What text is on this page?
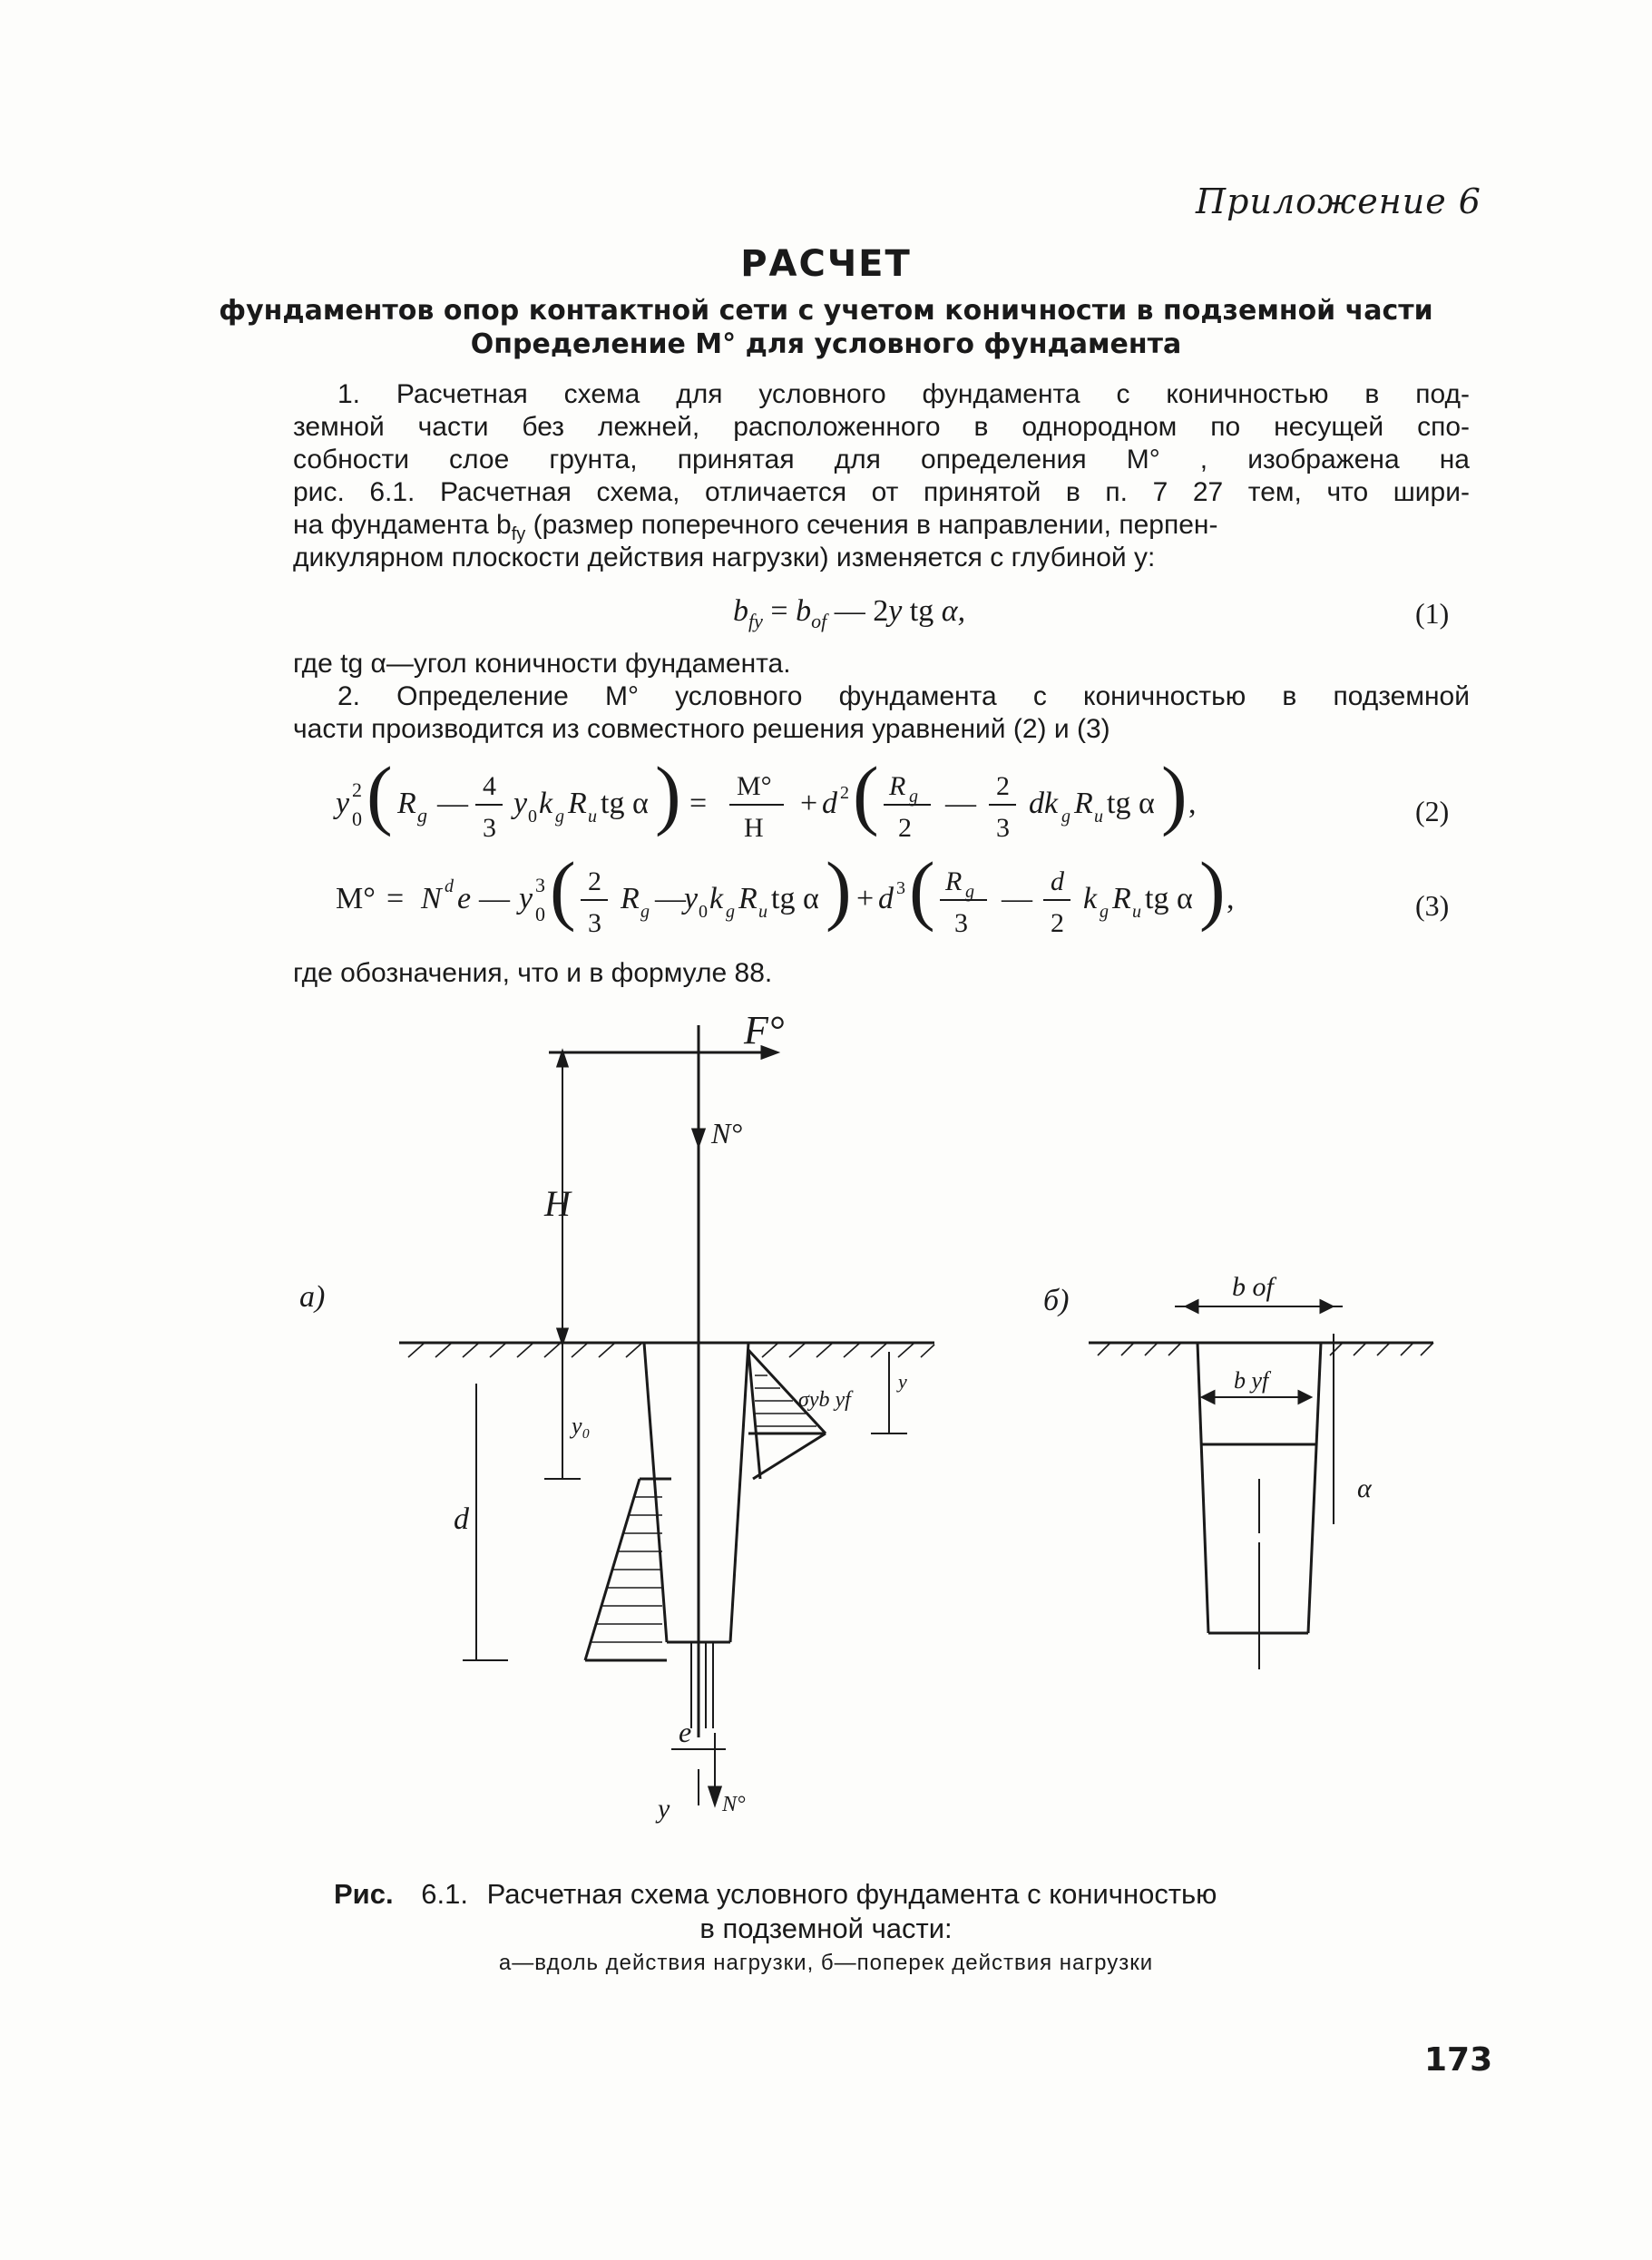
Приложение 6
РАСЧЕТ
фундаментов опор контактной сети с учетом коничности в подземной части
Определение M° для условного фундамента
1. Расчетная схема для условного фундамента с коничностью в под-
земной части без лежней, расположенного в однородном по несущей спо-
собности слое грунта, принятая для определения M° , изображена на
рис. 6.1. Расчетная схема, отличается от принятой в п. 7 27 тем, что шири-
на фундамента $b_{fy}$ (размер поперечного сечения в направлении, перпен-
дикулярном плоскости действия нагрузки) изменяется с глубиной y:
$b_{fy} = b_{of}$ — 2y tg α,	(1)
где tg α—угол коничности фундамента.
2. Определение M° условного фундамента с коничностью в подземной
части производится из совместного решения уравнений (2) и (3)
y 2
0 ( R g —
4
3
y 0 k g R u tg α ) =
M°
H
+ d 2 ( R g
2
—
2
3
dk g R u tg α ) ,	(2)
M° = N d e — y 3
0 ( 2
3
R g —
y 0 k g R u tg α ) + d 3 ( R g
3
—
d
2
k g R u tg α ) ,	(3)
где обозначения, что и в формуле 88.
F°
N°
H
y₀
d
y
σyb yf
e
y N°
а)	b of
b yf
α
б)
Рис. 6.1. Расчетная схема условного фундамента с коничностью
в подземной части:
а—вдоль действия нагрузки, б—поперек действия нагрузки
173
